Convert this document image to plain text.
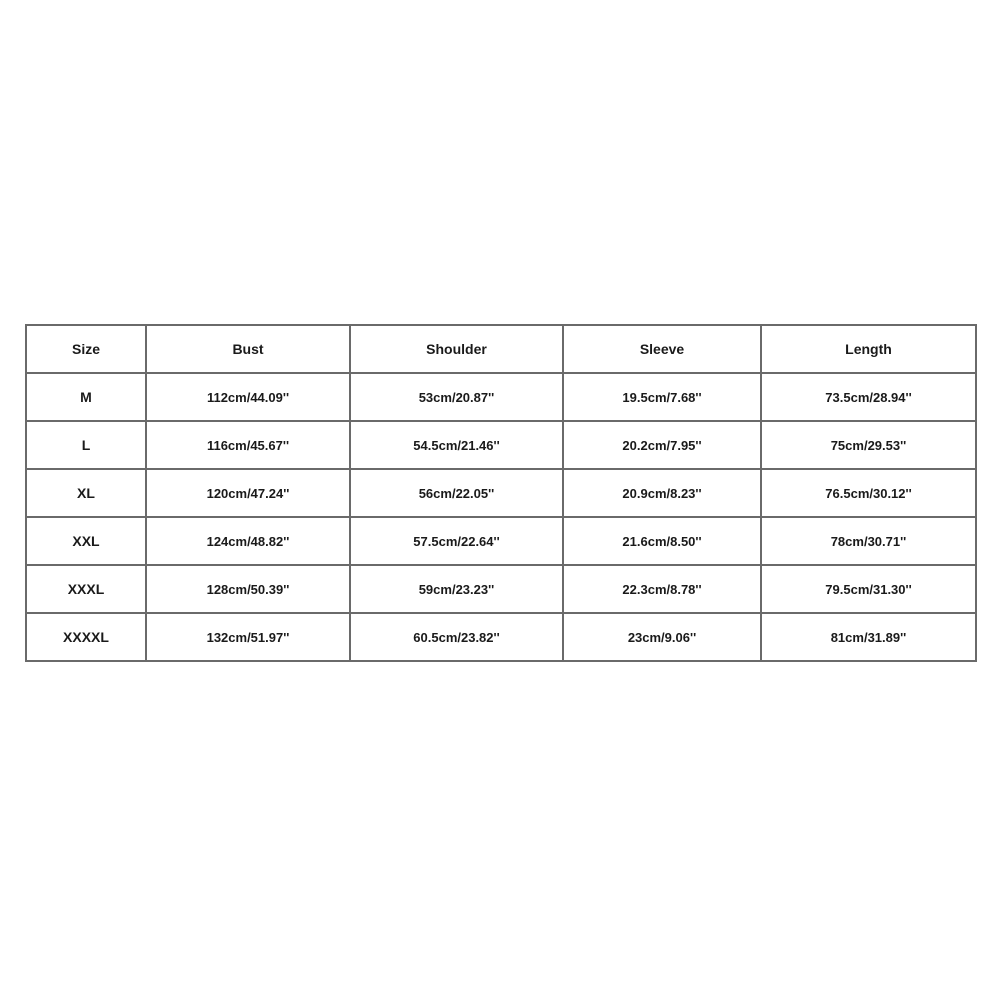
Size	Bust	Shoulder	Sleeve	Length
M	112cm/44.09''	53cm/20.87''	19.5cm/7.68''	73.5cm/28.94''
L	116cm/45.67''	54.5cm/21.46''	20.2cm/7.95''	75cm/29.53''
XL	120cm/47.24''	56cm/22.05''	20.9cm/8.23''	76.5cm/30.12''
XXL	124cm/48.82''	57.5cm/22.64''	21.6cm/8.50''	78cm/30.71''
XXXL	128cm/50.39''	59cm/23.23''	22.3cm/8.78''	79.5cm/31.30''
XXXXL	132cm/51.97''	60.5cm/23.82''	23cm/9.06''	81cm/31.89''
